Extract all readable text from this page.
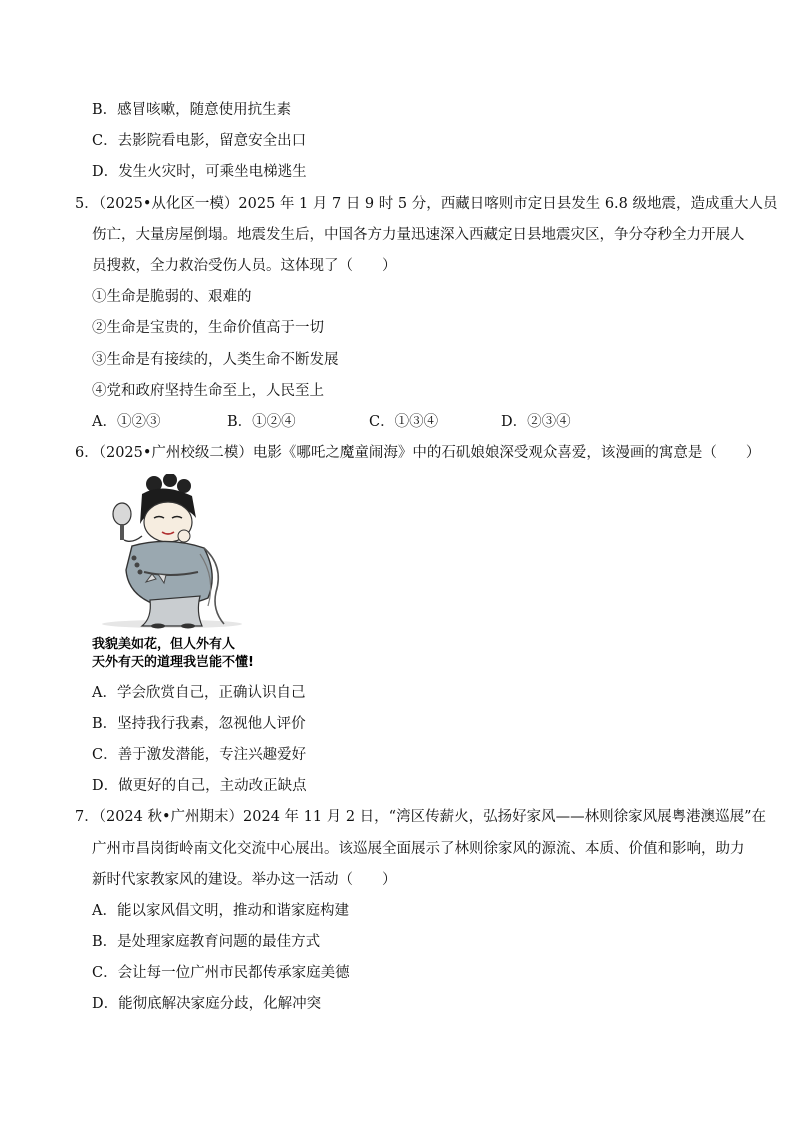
B．感冒咳嗽，随意使用抗生素
C．去影院看电影，留意安全出口
D．发生火灾时，可乘坐电梯逃生
5．（2025•从化区一模）2025 年 1 月 7 日 9 时 5 分，西藏日喀则市定日县发生 6.8 级地震，造成重大人员
伤亡，大量房屋倒塌。地震发生后，中国各方力量迅速深入西藏定日县地震灾区，争分夺秒全力开展人
员搜救，全力救治受伤人员。这体现了（　　）
①生命是脆弱的、艰难的
②生命是宝贵的，生命价值高于一切
③生命是有接续的，人类生命不断发展
④党和政府坚持生命至上，人民至上
A．①②③	B．①②④	C．①③④	D．②③④
6．（2025•广州校级二模）电影《哪吒之魔童闹海》中的石矶娘娘深受观众喜爱，该漫画的寓意是（　　）
我貌美如花，但人外有人
天外有天的道理我岂能不懂!
A．学会欣赏自己，正确认识自己
B．坚持我行我素，忽视他人评价
C．善于激发潜能，专注兴趣爱好
D．做更好的自己，主动改正缺点
7．（2024 秋•广州期末）2024 年 11 月 2 日，“湾区传薪火，弘扬好家风——林则徐家风展粤港澳巡展”在
广州市昌岗街岭南文化交流中心展出。该巡展全面展示了林则徐家风的源流、本质、价值和影响，助力
新时代家教家风的建设。举办这一活动（　　）
A．能以家风倡文明，推动和谐家庭构建
B．是处理家庭教育问题的最佳方式
C．会让每一位广州市民都传承家庭美德
D．能彻底解决家庭分歧，化解冲突
